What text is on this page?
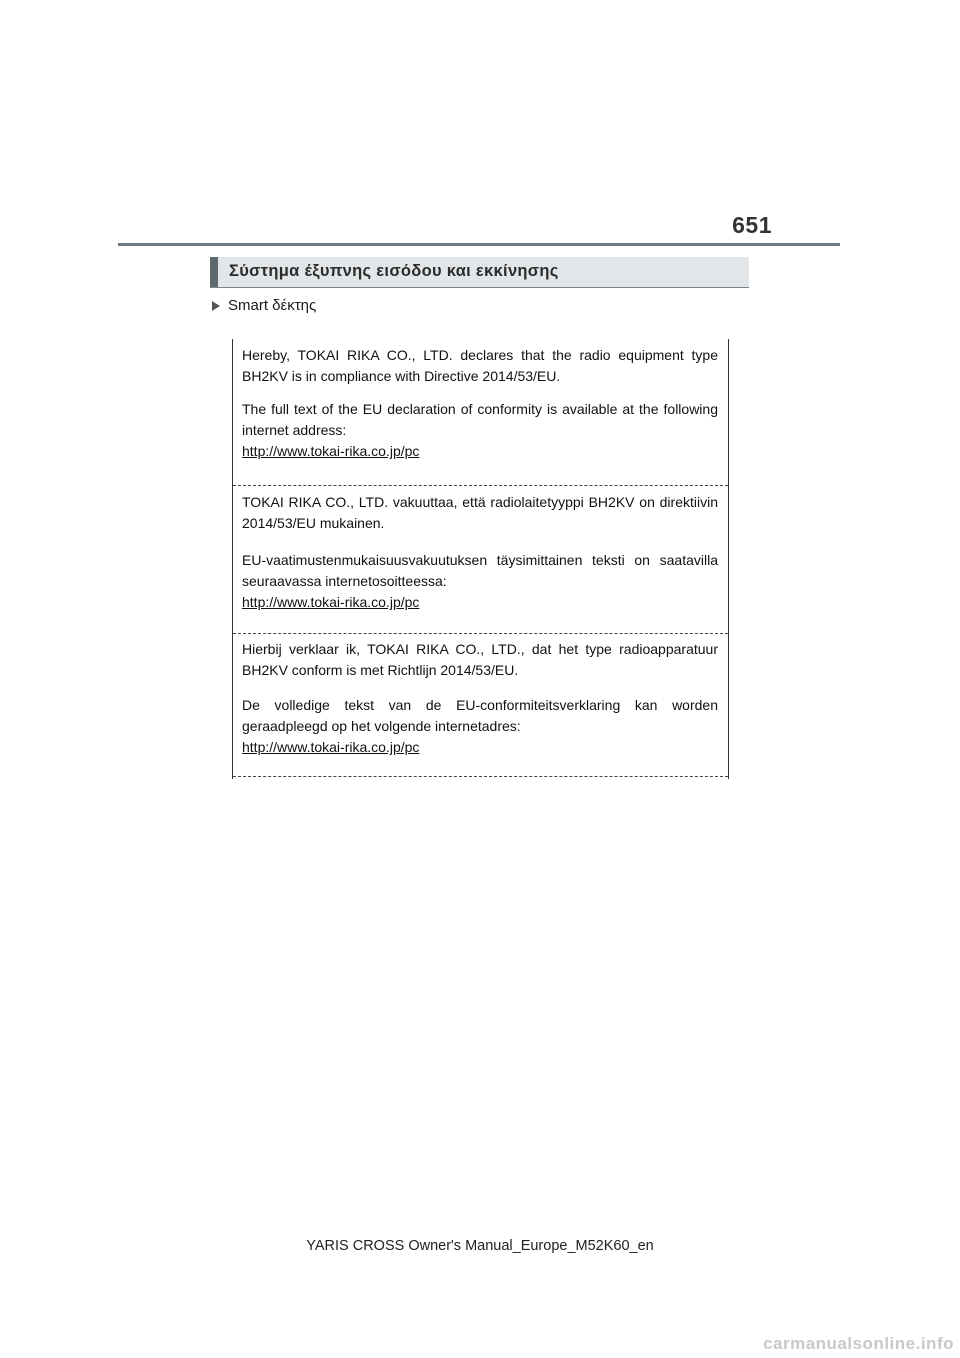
651
Σύστημα έξυπνης εισόδου και εκκίνησης
Smart δέκτης

Hereby, TOKAI RIKA CO., LTD. declares that the radio equipment type BH2KV is in compliance with Directive 2014/53/EU.

The full text of the EU declaration of conformity is available at the following internet address:

http://www.tokai-rika.co.jp/pc

TOKAI RIKA CO., LTD. vakuuttaa, että radiolaitetyyppi BH2KV on direktiivin 2014/53/EU mukainen.

EU-vaatimustenmukaisuusvakuutuksen täysimittainen teksti on saatavilla seuraavassa internetosoitteessa:

http://www.tokai-rika.co.jp/pc

Hierbij verklaar ik, TOKAI RIKA CO., LTD., dat het type radioapparatuur BH2KV conform is met Richtlijn 2014/53/EU.

De volledige tekst van de EU-conformiteitsverklaring kan worden geraadpleegd op het volgende internetadres:

http://www.tokai-rika.co.jp/pc
YARIS CROSS Owner's Manual_Europe_M52K60_en
carmanualsonline.info
